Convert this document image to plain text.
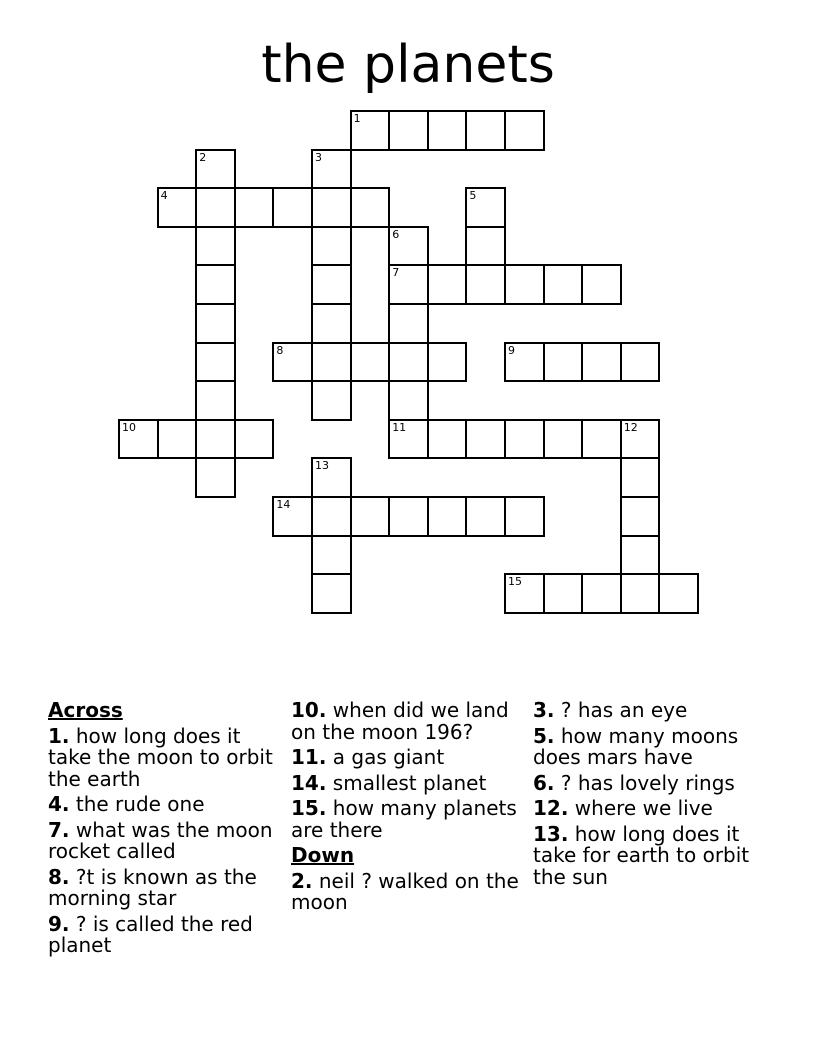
the planets
1
4
7
8	9
10	11	12
14
15
2	3
5
6
13
Across
1. how long does it take the moon to orbit the earth
4. the rude one
7. what was the moon rocket called
8. ?t is known as the morning star
9. ? is called the red planet
10. when did we land on the moon 196?
11. a gas giant
14. smallest planet
15. how many planets are there
Down
2. neil ? walked on the moon
3. ? has an eye
5. how many moons does mars have
6. ? has lovely rings
12. where we live
13. how long does it take for earth to orbit the sun
